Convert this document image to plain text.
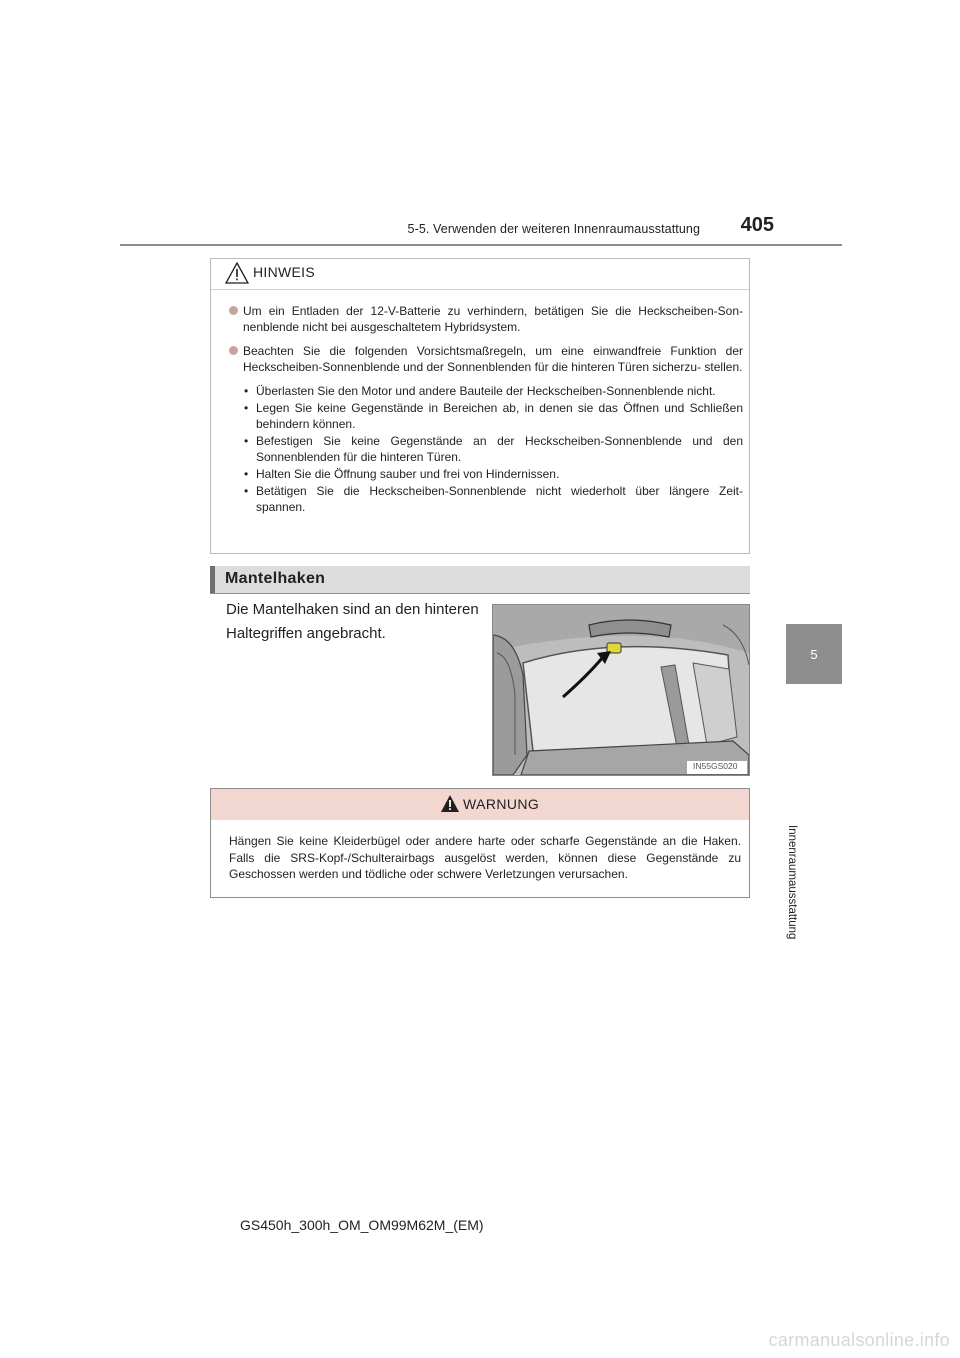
5-5. Verwenden der weiteren Innenraumausstattung	405
5
Innenraumausstattung
HINWEIS
Um ein Entladen der 12-V-Batterie zu verhindern, betätigen Sie die Heckscheiben-Son- nenblende nicht bei ausgeschaltetem Hybridsystem.
Beachten Sie die folgenden Vorsichtsmaßregeln, um eine einwandfreie Funktion der Heckscheiben-Sonnenblende und der Sonnenblenden für die hinteren Türen sicherzu- stellen.
• Überlasten Sie den Motor und andere Bauteile der Heckscheiben-Sonnenblende nicht.
• Legen Sie keine Gegenstände in Bereichen ab, in denen sie das Öffnen und Schließen behindern können.
• Befestigen Sie keine Gegenstände an der Heckscheiben-Sonnenblende und den Sonnenblenden für die hinteren Türen.
• Halten Sie die Öffnung sauber und frei von Hindernissen.
• Betätigen Sie die Heckscheiben-Sonnenblende nicht wiederholt über längere Zeit- spannen.
Mantelhaken
Die Mantelhaken sind an den hinteren Haltegriffen angebracht.
IN55GS020
WARNUNG
Hängen Sie keine Kleiderbügel oder andere harte oder scharfe Gegenstände an die Haken. Falls die SRS-Kopf-/Schulterairbags ausgelöst werden, können diese Gegenstände zu Geschossen werden und tödliche oder schwere Verletzungen verursachen.
GS450h_300h_OM_OM99M62M_(EM)
carmanualsonline.info
